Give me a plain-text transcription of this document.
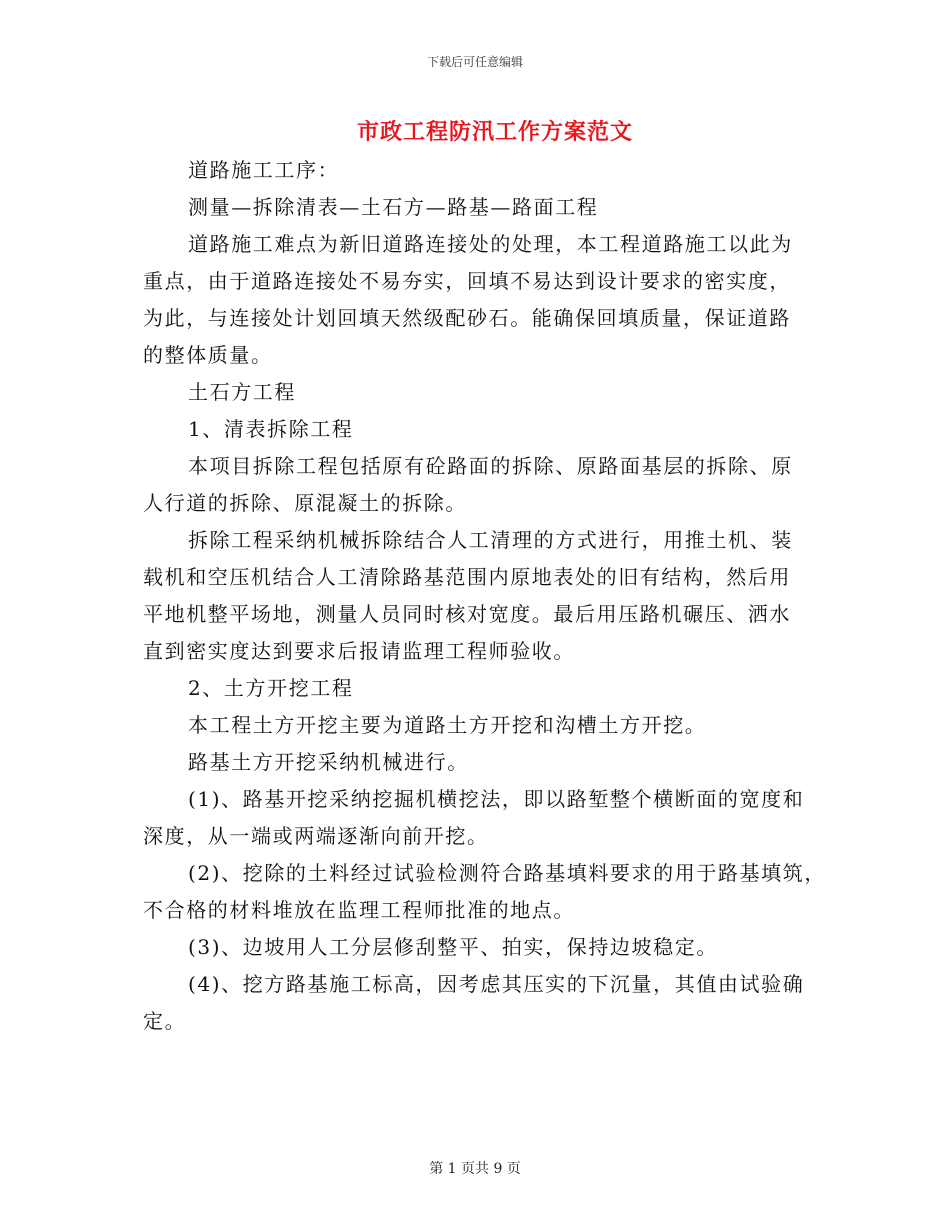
下载后可任意编辑
市政工程防汛工作方案范文
道路施工工序：
测量—拆除清表—土石方—路基—路面工程
道路施工难点为新旧道路连接处的处理，本工程道路施工以此为
重点，由于道路连接处不易夯实，回填不易达到设计要求的密实度，
为此，与连接处计划回填天然级配砂石。能确保回填质量，保证道路
的整体质量。
土石方工程
1、清表拆除工程
本项目拆除工程包括原有砼路面的拆除、原路面基层的拆除、原
人行道的拆除、原混凝土的拆除。
拆除工程采纳机械拆除结合人工清理的方式进行，用推土机、装
载机和空压机结合人工清除路基范围内原地表处的旧有结构，然后用
平地机整平场地，测量人员同时核对宽度。最后用压路机碾压、洒水
直到密实度达到要求后报请监理工程师验收。
2、土方开挖工程
本工程土方开挖主要为道路土方开挖和沟槽土方开挖。
路基土方开挖采纳机械进行。
(1)、路基开挖采纳挖掘机横挖法，即以路堑整个横断面的宽度和
深度，从一端或两端逐渐向前开挖。
(2)、挖除的土料经过试验检测符合路基填料要求的用于路基填筑，
不合格的材料堆放在监理工程师批准的地点。
(3)、边坡用人工分层修刮整平、拍实，保持边坡稳定。
(4)、挖方路基施工标高，因考虑其压实的下沉量，其值由试验确
定。
第 1 页共 9 页
